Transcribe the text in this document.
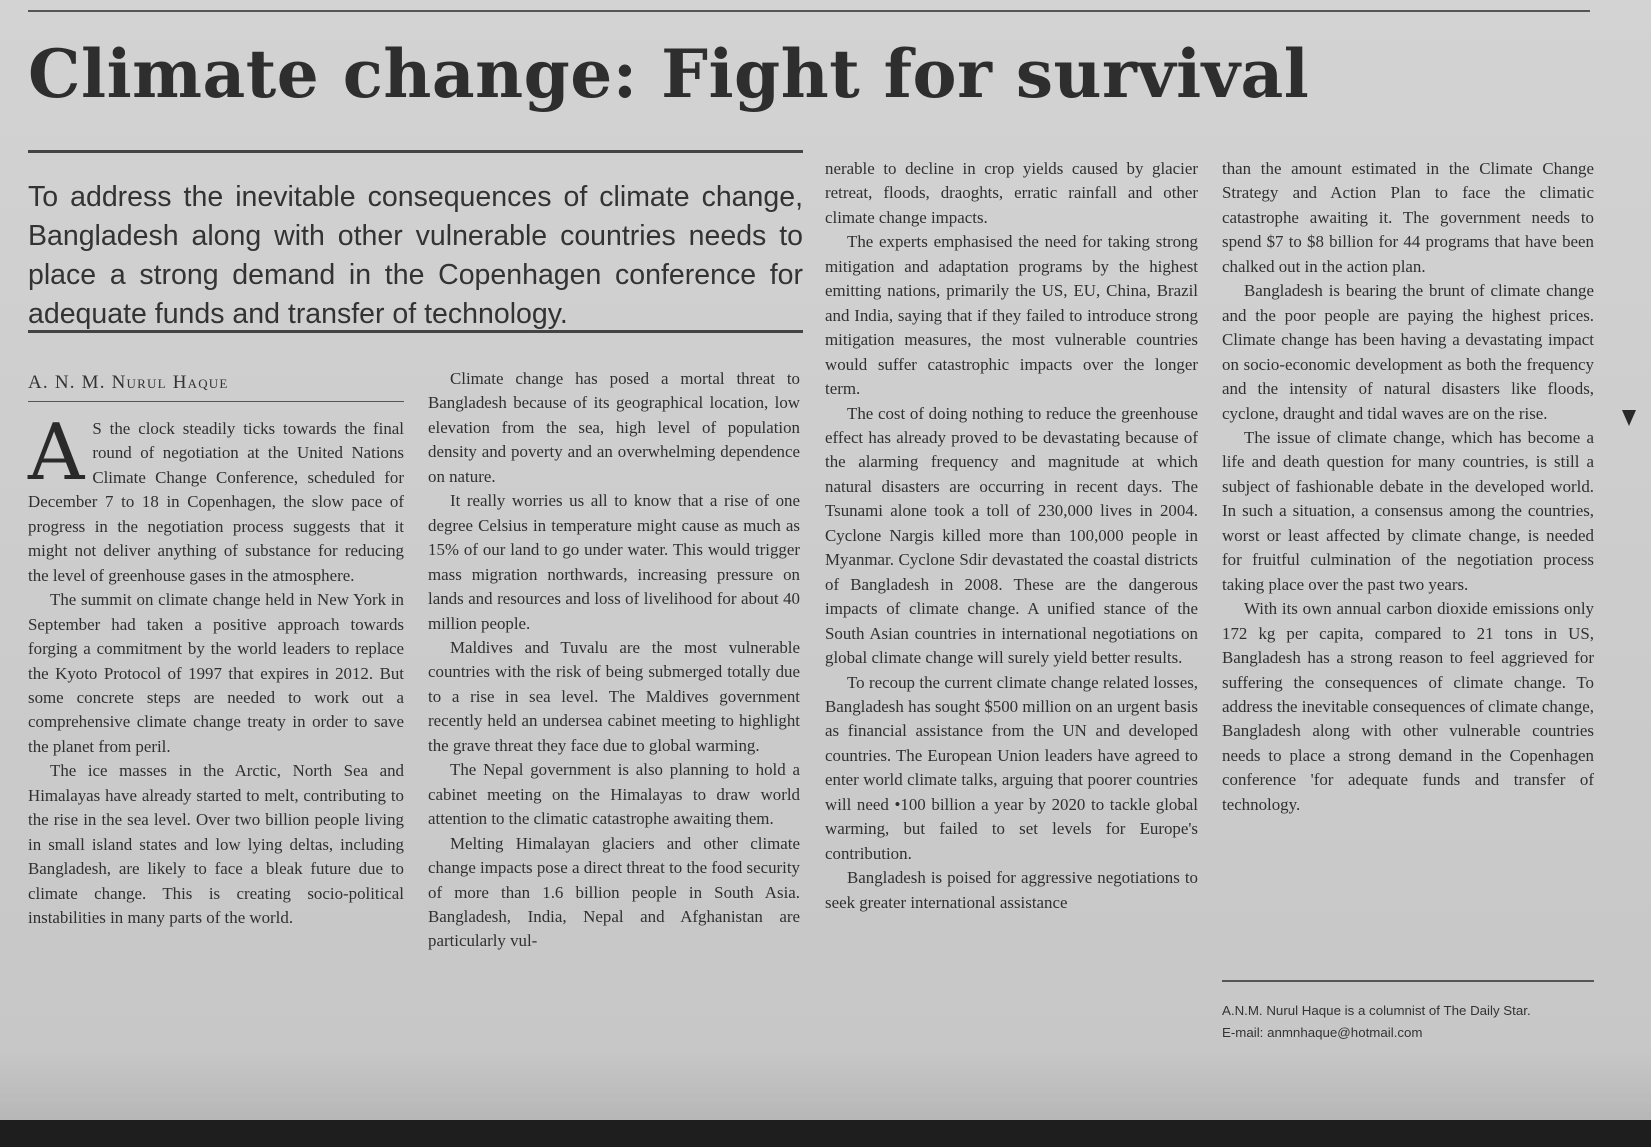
Climate change: Fight for survival

To address the inevitable consequences of climate change, Bangladesh along with other vulnerable countries needs to place a strong demand in the Copenhagen conference for adequate funds and transfer of technology.

A. N. M. Nurul Haque

A S the clock steadily ticks towards the final round of negotiation at the United Nations Climate Change Conference, scheduled for December 7 to 18 in Copenhagen, the slow pace of progress in the negotiation process suggests that it might not deliver anything of substance for reducing the level of greenhouse gases in the atmosphere.

The summit on climate change held in New York in September had taken a positive approach towards forging a commitment by the world leaders to replace the Kyoto Protocol of 1997 that expires in 2012. But some concrete steps are needed to work out a comprehensive climate change treaty in order to save the planet from peril.

The ice masses in the Arctic, North Sea and Himalayas have already started to melt, contributing to the rise in the sea level. Over two billion people living in small island states and low lying deltas, including Bangladesh, are likely to face a bleak future due to climate change. This is creating socio-political instabilities in many parts of the world.

Climate change has posed a mortal threat to Bangladesh because of its geographical location, low elevation from the sea, high level of population density and poverty and an overwhelming dependence on nature.

It really worries us all to know that a rise of one degree Celsius in temperature might cause as much as 15% of our land to go under water. This would trigger mass migration northwards, increasing pressure on lands and resources and loss of livelihood for about 40 million people.

Maldives and Tuvalu are the most vulnerable countries with the risk of being submerged totally due to a rise in sea level. The Maldives government recently held an undersea cabinet meeting to highlight the grave threat they face due to global warming.

The Nepal government is also planning to hold a cabinet meeting on the Himalayas to draw world attention to the climatic catastrophe awaiting them.

Melting Himalayan glaciers and other climate change impacts pose a direct threat to the food security of more than 1.6 billion people in South Asia. Bangladesh, India, Nepal and Afghanistan are particularly vul-

nerable to decline in crop yields caused by glacier retreat, floods, draoghts, erratic rainfall and other climate change impacts.

The experts emphasised the need for taking strong mitigation and adaptation programs by the highest emitting nations, primarily the US, EU, China, Brazil and India, saying that if they failed to introduce strong mitigation measures, the most vulnerable countries would suffer catastrophic impacts over the longer term.

The cost of doing nothing to reduce the greenhouse effect has already proved to be devastating because of the alarming frequency and magnitude at which natural disasters are occurring in recent days. The Tsunami alone took a toll of 230,000 lives in 2004. Cyclone Nargis killed more than 100,000 people in Myanmar. Cyclone Sdir devastated the coastal districts of Bangladesh in 2008. These are the dangerous impacts of climate change. A unified stance of the South Asian countries in international negotiations on global climate change will surely yield better results.

To recoup the current climate change related losses, Bangladesh has sought $500 million on an urgent basis as financial assistance from the UN and developed countries. The European Union leaders have agreed to enter world climate talks, arguing that poorer countries will need •100 billion a year by 2020 to tackle global warming, but failed to set levels for Europe's contribution.

Bangladesh is poised for aggressive negotiations to seek greater international assistance

than the amount estimated in the Climate Change Strategy and Action Plan to face the climatic catastrophe awaiting it. The government needs to spend $7 to $8 billion for 44 programs that have been chalked out in the action plan.

Bangladesh is bearing the brunt of climate change and the poor people are paying the highest prices. Climate change has been having a devastating impact on socio-economic development as both the frequency and the intensity of natural disasters like floods, cyclone, draught and tidal waves are on the rise.

The issue of climate change, which has become a life and death question for many countries, is still a subject of fashionable debate in the developed world. In such a situation, a consensus among the countries, worst or least affected by climate change, is needed for fruitful culmination of the negotiation process taking place over the past two years.

With its own annual carbon dioxide emissions only 172 kg per capita, compared to 21 tons in US, Bangladesh has a strong reason to feel aggrieved for suffering the consequences of climate change. To address the inevitable consequences of climate change, Bangladesh along with other vulnerable countries needs to place a strong demand in the Copenhagen conference 'for adequate funds and transfer of technology.

A.N.M. Nurul Haque is a columnist of The Daily Star.
E-mail: anmnhaque@hotmail.com
